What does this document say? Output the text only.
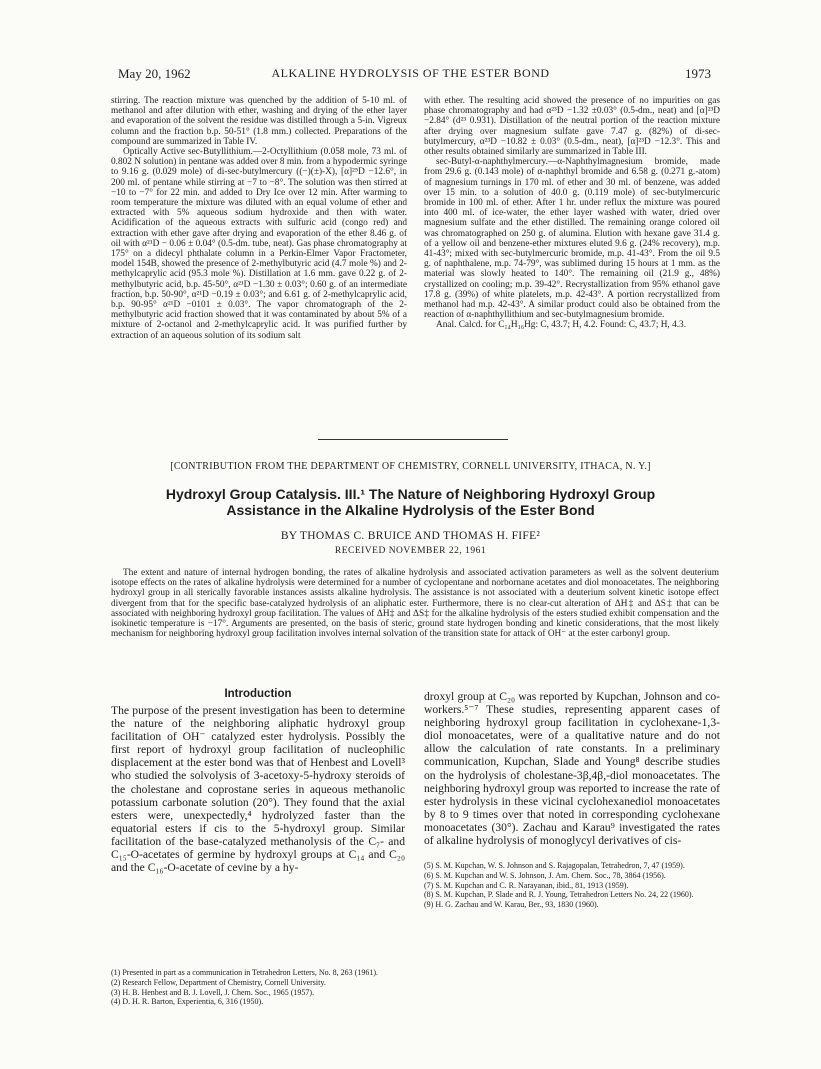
May 20, 1962	ALKALINE HYDROLYSIS OF THE ESTER BOND	1973

stirring. The reaction mixture was quenched by the addition of 5-10 ml. of methanol and after dilution with ether, washing and drying of the ether layer and evaporation of the solvent the residue was distilled through a 5-in. Vigreux column and the fraction b.p. 50-51° (1.8 mm.) collected. Preparations of the compound are summarized in Table IV.

Optically Active sec-Butyllithium.—2-Octyllithium (0.058 mole, 73 ml. of 0.802 N solution) in pentane was added over 8 min. from a hypodermic syringe to 9.16 g. (0.029 mole) of di-sec-butylmercury ((−)(±)-X), [α]²⁵D −12.6°, in 200 ml. of pentane while stirring at −7 to −8°. The solution was then stirred at −10 to −7° for 22 min. and added to Dry Ice over 12 min. After warming to room temperature the mixture was diluted with an equal volume of ether and extracted with 5% aqueous sodium hydroxide and then with water. Acidification of the aqueous extracts with sulfuric acid (congo red) and extraction with ether gave after drying and evaporation of the ether 8.46 g. of oil with α²¹D − 0.06 ± 0.04° (0.5-dm. tube, neat). Gas phase chromatography at 175° on a didecyl phthalate column in a Perkin-Elmer Vapor Fractometer, model 154B, showed the presence of 2-methylbutyric acid (4.7 mole %) and 2-methylcaprylic acid (95.3 mole %). Distillation at 1.6 mm. gave 0.22 g. of 2-methylbutyric acid, b.p. 45-50°, α²¹D −1.30 ± 0.03°; 0.60 g. of an intermediate fraction, b.p. 50-90°, α²¹D −0.19 ± 0.03°; and 6.61 g. of 2-methylcaprylic acid, b.p. 90-95° α²¹D −0101 ± 0.03°. The vapor chromatograph of the 2-methylbutyric acid fraction showed that it was contaminated by about 5% of a mixture of 2-octanol and 2-methylcaprylic acid. It was purified further by extraction of an aqueous solution of its sodium salt

with ether. The resulting acid showed the presence of no impurities on gas phase chromatography and had α²³D −1.32 ±0.03° (0.5-dm., neat) and [α]²³D −2.84° (d²³ 0.931). Distillation of the neutral portion of the reaction mixture after drying over magnesium sulfate gave 7.47 g. (82%) of di-sec-butylmercury, α²³D −10.82 ± 0.03° (0.5-dm., neat), [α]²³D −12.3°. This and other results obtained similarly are summarized in Table III.

sec-Butyl-α-naphthylmercury.—α-Naphthylmagnesium bromide, made from 29.6 g. (0.143 mole) of α-naphthyl bromide and 6.58 g. (0.271 g.-atom) of magnesium turnings in 170 ml. of ether and 30 ml. of benzene, was added over 15 min. to a solution of 40.0 g. (0.119 mole) of sec-butylmercuric bromide in 100 ml. of ether. After 1 hr. under reflux the mixture was poured into 400 ml. of ice-water, the ether layer washed with water, dried over magnesium sulfate and the ether distilled. The remaining orange colored oil was chromatographed on 250 g. of alumina. Elution with hexane gave 31.4 g. of a yellow oil and benzene-ether mixtures eluted 9.6 g. (24% recovery), m.p. 41-43°; mixed with sec-butylmercuric bromide, m.p. 41-43°. From the oil 9.5 g. of naphthalene, m.p. 74-79°, was sublimed during 15 hours at 1 mm. as the material was slowly heated to 140°. The remaining oil (21.9 g., 48%) crystallized on cooling; m.p. 39-42°. Recrystallization from 95% ethanol gave 17.8 g. (39%) of white platelets, m.p. 42-43°. A portion recrystallized from methanol had m.p. 42-43°. A similar product could also be obtained from the reaction of α-naphthyllithium and sec-butylmagnesium bromide.

Anal. Calcd. for C₁₄H₁₆Hg: C, 43.7; H, 4.2. Found: C, 43.7; H, 4.3.

[CONTRIBUTION FROM THE DEPARTMENT OF CHEMISTRY, CORNELL UNIVERSITY, ITHACA, N. Y.]
Hydroxyl Group Catalysis. III.¹ The Nature of Neighboring Hydroxyl Group
Assistance in the Alkaline Hydrolysis of the Ester Bond
BY THOMAS C. BRUICE AND THOMAS H. FIFE²
RECEIVED NOVEMBER 22, 1961

The extent and nature of internal hydrogen bonding, the rates of alkaline hydrolysis and associated activation parameters as well as the solvent deuterium isotope effects on the rates of alkaline hydrolysis were determined for a number of cyclopentane and norbornane acetates and diol monoacetates. The neighboring hydroxyl group in all sterically favorable instances assists alkaline hydrolysis. The assistance is not associated with a deuterium solvent kinetic isotope effect divergent from that for the specific base-catalyzed hydrolysis of an aliphatic ester. Furthermore, there is no clear-cut alteration of ΔH‡ and ΔS‡ that can be associated with neighboring hydroxyl group facilitation. The values of ΔH‡ and ΔS‡ for the alkaline hydrolysis of the esters studied exhibit compensation and the isokinetic temperature is −17°. Arguments are presented, on the basis of steric, ground state hydrogen bonding and kinetic considerations, that the most likely mechanism for neighboring hydroxyl group facilitation involves internal solvation of the transition state for attack of OH⁻ at the ester carbonyl group.

Introduction

The purpose of the present investigation has been to determine the nature of the neighboring aliphatic hydroxyl group facilitation of OH⁻ catalyzed ester hydrolysis. Possibly the first report of hydroxyl group facilitation of nucleophilic displacement at the ester bond was that of Henbest and Lovell³ who studied the solvolysis of 3-acetoxy-5-hydroxy steroids of the cholestane and coprostane series in aqueous methanolic potassium carbonate solution (20°). They found that the axial esters were, unexpectedly,⁴ hydrolyzed faster than the equatorial esters if cis to the 5-hydroxyl group. Similar facilitation of the base-catalyzed methanolysis of the C₇- and C₁₅-O-acetates of germine by hydroxyl groups at C₁₄ and C₂₀ and the C₁₆-O-acetate of cevine by a hy-

droxyl group at C₂₀ was reported by Kupchan, Johnson and co-workers.⁵⁻⁷ These studies, representing apparent cases of neighboring hydroxyl group facilitation in cyclohexane-1,3-diol monoacetates, were of a qualitative nature and do not allow the calculation of rate constants. In a preliminary communication, Kupchan, Slade and Young⁸ describe studies on the hydrolysis of cholestane-3β,4β,-diol monoacetates. The neighboring hydroxyl group was reported to increase the rate of ester hydrolysis in these vicinal cyclohexanediol monoacetates by 8 to 9 times over that noted in corresponding cyclohexane monoacetates (30°). Zachau and Karau⁹ investigated the rates of alkaline hydrolysis of monoglycyl derivatives of cis-

(1) Presented in part as a communication in Tetrahedron Letters, No. 8, 263 (1961).

(2) Research Fellow, Department of Chemistry, Cornell University.

(3) H. B. Henbest and B. J. Lovell, J. Chem. Soc., 1965 (1957).

(4) D. H. R. Barton, Experientia, 6, 316 (1950).

(5) S. M. Kupchan, W. S. Johnson and S. Rajagopalan, Tetrahedron, 7, 47 (1959).

(6) S. M. Kupchan and W. S. Johnson, J. Am. Chem. Soc., 78, 3864 (1956).

(7) S. M. Kupchan and C. R. Narayanan, ibid., 81, 1913 (1959).

(8) S. M. Kupchan, P. Slade and R. J. Young, Tetrahedron Letters No. 24, 22 (1960).

(9) H. G. Zachau and W. Karau, Ber., 93, 1830 (1960).
